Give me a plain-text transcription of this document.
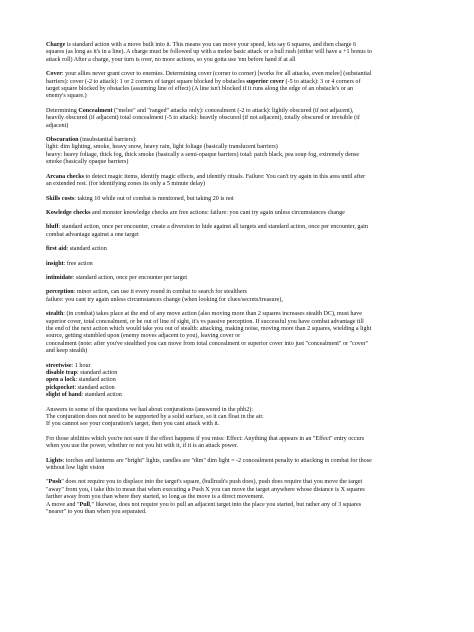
Charge is standard action with a move built into it. This means you can move your speed, lets say 6 squares, and then charge 6
squares (as long as it's in a line). A charge must be followed up with a melee basic attack or a bull rush (either will have a +1 bonus to
attack roll) After a charge, your turn is over, no more actions, so you gotta use 'em before hand if at all
Cover: your allies never grant cover to enemies. Determining cover (corner to corner) [works for all attacks, even melee] (substantial
barriers): cover (-2 to attack): 1 or 2 corners of target square blocked by obstacles superior cover (-5 to attack): 3 or 4 corners of
target square blocked by obstacles (assuming line of effect) (A line isn't blocked if it runs along the edge of an obstacle's or an
enemy's square.)
Determining Concealment ("melee" and "ranged" attacks only): concealment (-2 to attack): lightly obscured (if not adjacent),
heavily obscured (if adjacent) total concealment (-5 to attack): heavily obscured (if not adjacent), totally obscured or invisible (if
adjacent)
Obscuration (insubstantial barriers):
light: dim lighting, smoke, heavy snow, heavy rain, light foliage (basically translucent barriers)
heavy: heavy foliage, thick fog, thick smoke (basically a semi-opaque barriers) total: patch black, pea soup fog, extremely dense
smoke (basically opaque barriers)
Arcana checks to detect magic items, identify magic effects, and identify rituals. Failure: You can't try again in this area until after
an extended rest. (for identifying zones its only a 5 minute delay)
Skills costs: taking 10 while out of combat is mentioned, but taking 20 is not
Kowledge checks and monster knowledge checks are free actions: failure: you cant try again unless circumstances change
bluff: standard action, once per encounter, create a diversion to hide against all targets and standard action, once per encounter, gain
combat advantage against a one target
first aid: standard action
insight: free action
intimidate: standard action, once per encounter per target
perception: minor action, can use it every round in combat to search for stealthers
failure: you cant try again unless circumstances change (when looking for clues/secrets/treasure),
stealth: (in combat) takes place at the end of any move action (also moving more than 2 squares increases stealth DC), must have
superior cover, total concealment, or be out of line of sight, it's vs passive perception. If successful you have combat advantage till
the end of the next action which would take you out of stealth: attacking, making noise, moving more than 2 squares, wielding a light
source, getting stumbled upon (enemy moves adjacent to you), leaving cover or
concealment (note: after you've stealthed you can move from total concealment or superior cover into just "concealment" or "cover"
and keep stealth)
streetwise: 1 hour
disable trap: standard action
open a lock: standard action
pickpocket: standard action
slight of hand: standard action
Answers to some of the questions we had about conjurations (answered in the phb2):
The conjuration does not need to be supported by a solid surface, so it can float in the air.
If you cannot see your conjuration's target, then you cant attack with it.
For those abilities which you're not sure if the effect happens if you miss: Effect: Anything that appears in an "Effect" entry occurs
when you use the power, whether or not you hit with it, if it is an attack power.
Lights: torches and lanterns are "bright" lights, candles are "dim" dim light = -2 concealment penalty to attacking in combat for those
without low light vision
"Push" does not require you to displace into the target's square, (bullrush's push does), push does require that you move the target
"away" from you, i take this to mean that when executing a Push X you can move the target anywhere whose distance is X squares
farther away from you than where they started, so long as the move is a direct movement.
A move and "Pull," likewise, does not require you to pull an adjacent target into the place you started, but rather any of 3 squares
"nearer" to you than when you separated.
